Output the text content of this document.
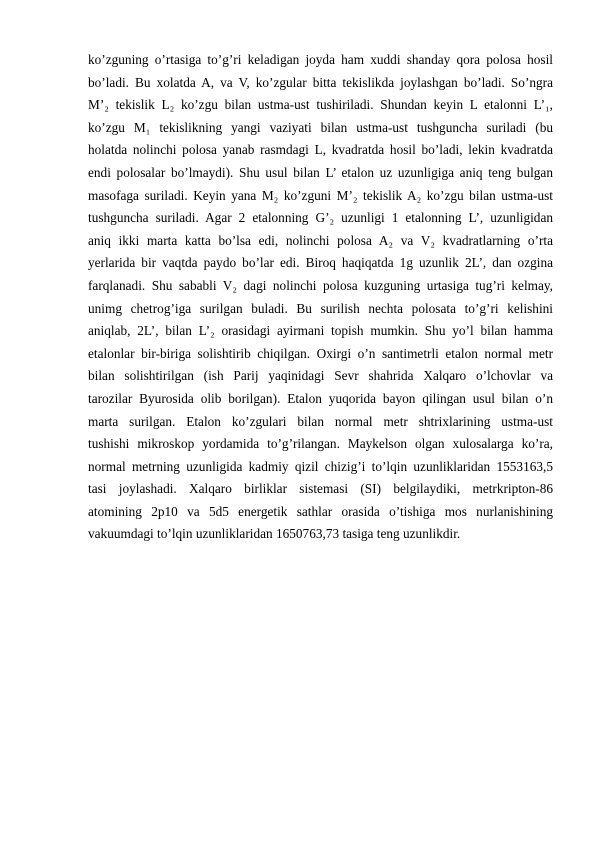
ko’zguning o’rtasiga to’g’ri keladigan joyda ham xuddi shanday qora polosa hosil
bo’ladi. Bu xolatda A, va V, ko’zgular bitta tekislikda joylashgan bo’ladi. So’ngra
M’₂ tekislik L₂ ko’zgu bilan ustma-ust tushiriladi. Shundan keyin L etalonni L’₁,
ko’zgu M₁ tekislikning yangi vaziyati bilan ustma-ust tushguncha suriladi (bu
holatda nolinchi polosa yanab rasmdagi L, kvadratda hosil bo’ladi, lekin kvadratda
endi polosalar bo’lmaydi). Shu usul bilan L’ etalon uz uzunligiga aniq teng bulgan
masofaga suriladi. Keyin yana M₂ ko’zguni M’₂ tekislik A₂ ko’zgu bilan ustma-ust
tushguncha suriladi. Agar 2 etalonning G’₂ uzunligi 1 etalonning L’, uzunligidan
aniq ikki marta katta bo’lsa edi, nolinchi polosa A₂ va V₂ kvadratlarning o’rta
yerlarida bir vaqtda paydo bo’lar edi. Biroq haqiqatda 1g uzunlik 2L’, dan ozgina
farqlanadi. Shu sababli V₂ dagi nolinchi polosa kuzguning urtasiga tug’ri kelmay,
unimg chetrog’iga surilgan buladi. Bu surilish nechta polosata to’g’ri kelishini
aniqlab, 2L’, bilan L’₂ orasidagi ayirmani topish mumkin. Shu yo’l bilan hamma
etalonlar bir-biriga solishtirib chiqilgan. Oxirgi o’n santimetrli etalon normal metr
bilan solishtirilgan (ish Parij yaqinidagi Sevr shahrida Xalqaro o’lchovlar va
tarozilar Byurosida olib borilgan). Etalon yuqorida bayon qilingan usul bilan o’n
marta surilgan. Etalon ko’zgulari bilan normal metr shtrixlarining ustma-ust
tushishi mikroskop yordamida to’g’rilangan. Maykelson olgan xulosalarga ko’ra,
normal metrning uzunligida kadmiy qizil chizig’i to’lqin uzunliklaridan 1553163,5
tasi joylashadi. Xalqaro birliklar sistemasi (SI) belgilaydiki, metrkripton-86
atomining 2p10 va 5d5 energetik sathlar orasida o’tishiga mos nurlanishining
vakuumdagi to’lqin uzunliklaridan 1650763,73 tasiga teng uzunlikdir.
